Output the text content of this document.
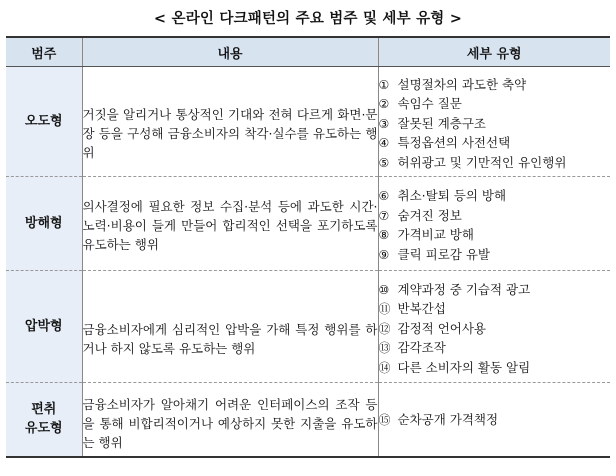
< 온라인 다크패턴의 주요 범주 및 세부 유형 >
범주	내용	세부 유형
오도형	거짓을 알리거나 통상적인 기대와 전혀 다르게 화면·문장 등을 구성해 금융소비자의 착각·실수를 유도하는 행위	① 설명절차의 과도한 축약
② 속임수 질문
③ 잘못된 계층구조
④ 특정옵션의 사전선택
⑤ 허위광고 및 기만적인 유인행위

방해형	의사결정에 필요한 정보 수집·분석 등에 과도한 시간·노력·비용이 들게 만들어 합리적인 선택을 포기하도록 유도하는 행위	⑥ 취소·탈퇴 등의 방해
⑦ 숨겨진 정보
⑧ 가격비교 방해
⑨ 클릭 피로감 유발

압박형	금융소비자에게 심리적인 압박을 가해 특정 행위를 하거나 하지 않도록 유도하는 행위	⑩ 계약과정 중 기습적 광고
⑪ 반복간섭
⑫ 감정적 언어사용
⑬ 감각조작
⑭ 다른 소비자의 활동 알림

편취
유도형	금융소비자가 알아채기 어려운 인터페이스의 조작 등을 통해 비합리적이거나 예상하지 못한 지출을 유도하는 행위	⑮ 순차공개 가격책정
